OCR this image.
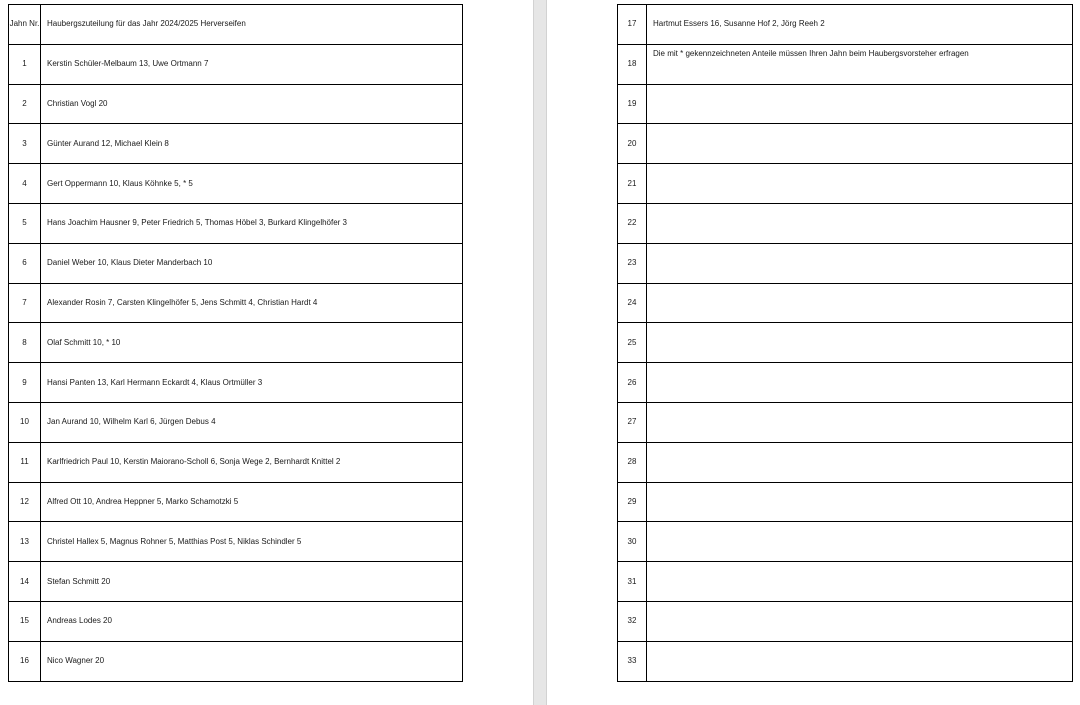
Jahn Nr.	Haubergszuteilung für das Jahr 2024/2025 Herverseifen
1	Kerstin Schüler-Melbaum 13, Uwe Ortmann 7
2	Christian Vogl 20
3	Günter Aurand 12, Michael Klein 8
4	Gert Oppermann 10, Klaus Köhnke 5, * 5
5	Hans Joachim Hausner 9, Peter Friedrich 5, Thomas Höbel 3, Burkard Klingelhöfer 3
6	Daniel Weber 10, Klaus Dieter Manderbach 10
7	Alexander Rosin 7, Carsten Klingelhöfer 5, Jens Schmitt 4, Christian Hardt 4
8	Olaf Schmitt 10, * 10
9	Hansi Panten 13, Karl Hermann Eckardt 4, Klaus Ortmüller 3
10	Jan Aurand 10, Wilhelm Karl 6, Jürgen Debus 4
11	Karlfriedrich Paul 10, Kerstin Maiorano-Scholl 6, Sonja Wege 2, Bernhardt Knittel 2
12	Alfred Ott 10, Andrea Heppner 5, Marko Schamotzki 5
13	Christel Hallex 5, Magnus Rohner 5, Matthias Post 5, Niklas Schindler 5
14	Stefan Schmitt 20
15	Andreas Lodes 20
16	Nico Wagner 20
17	Hartmut Essers 16, Susanne Hof 2, Jörg Reeh 2
18	Die mit * gekennzeichneten Anteile müssen Ihren Jahn beim Haubergsvorsteher erfragen
19	
20	
21	
22	
23	
24	
25	
26	
27	
28	
29	
30	
31	
32	
33	
